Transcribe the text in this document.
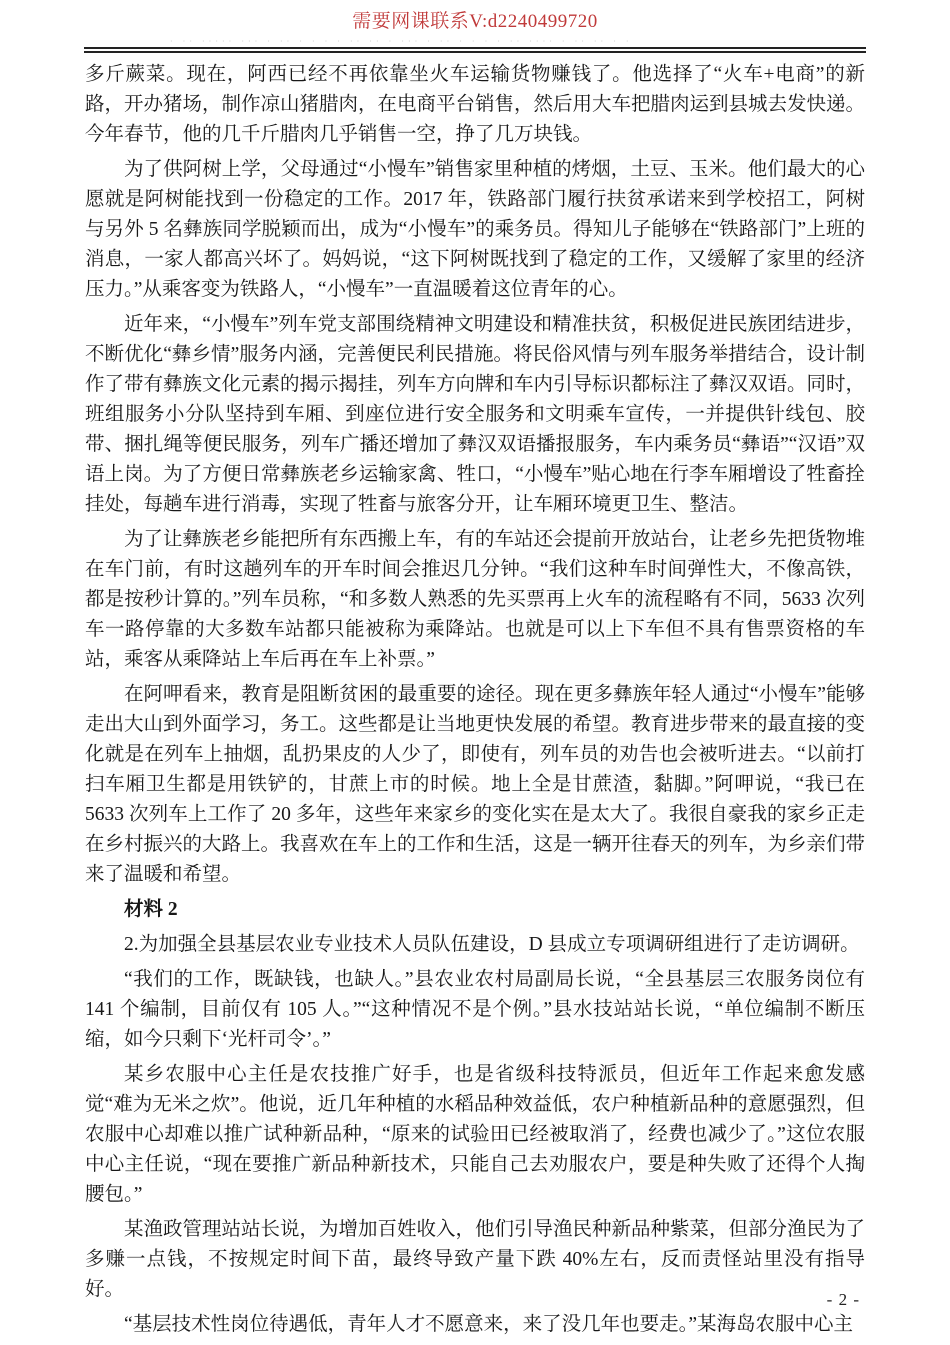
需要网课联系V:d2240499720
· ·· ····· ··· · ·· · · · · ·· ·· · ··· · ·· · · · · ·· ···· · ·· ·· · ·

多斤蕨菜。现在，阿西已经不再依靠坐火车运输货物赚钱了。他选择了“火车+电商”的新路，开办猪场，制作凉山猪腊肉，在电商平台销售，然后用大车把腊肉运到县城去发快递。今年春节，他的几千斤腊肉几乎销售一空，挣了几万块钱。

为了供阿树上学，父母通过“小慢车”销售家里种植的烤烟，土豆、玉米。他们最大的心愿就是阿树能找到一份稳定的工作。2017 年，铁路部门履行扶贫承诺来到学校招工，阿树与另外 5 名彝族同学脱颖而出，成为“小慢车”的乘务员。得知儿子能够在“铁路部门”上班的消息，一家人都高兴坏了。妈妈说，“这下阿树既找到了稳定的工作，又缓解了家里的经济压力。”从乘客变为铁路人，“小慢车”一直温暖着这位青年的心。

近年来，“小慢车”列车党支部围绕精神文明建设和精准扶贫，积极促进民族团结进步，不断优化“彝乡情”服务内涵，完善便民利民措施。将民俗风情与列车服务举措结合，设计制作了带有彝族文化元素的揭示揭挂，列车方向牌和车内引导标识都标注了彝汉双语。同时，班组服务小分队坚持到车厢、到座位进行安全服务和文明乘车宣传，一并提供针线包、胶带、捆扎绳等便民服务，列车广播还增加了彝汉双语播报服务，车内乘务员“彝语”“汉语”双语上岗。为了方便日常彝族老乡运输家禽、牲口，“小慢车”贴心地在行李车厢增设了牲畜拴挂处，每趟车进行消毒，实现了牲畜与旅客分开，让车厢环境更卫生、整洁。

为了让彝族老乡能把所有东西搬上车，有的车站还会提前开放站台，让老乡先把货物堆在车门前，有时这趟列车的开车时间会推迟几分钟。“我们这种车时间弹性大，不像高铁，都是按秒计算的。”列车员称，“和多数人熟悉的先买票再上火车的流程略有不同，5633 次列车一路停靠的大多数车站都只能被称为乘降站。也就是可以上下车但不具有售票资格的车站，乘客从乘降站上车后再在车上补票。”

在阿呷看来，教育是阻断贫困的最重要的途径。现在更多彝族年轻人通过“小慢车”能够走出大山到外面学习，务工。这些都是让当地更快发展的希望。教育进步带来的最直接的变化就是在列车上抽烟，乱扔果皮的人少了，即使有，列车员的劝告也会被听进去。“以前打扫车厢卫生都是用铁铲的，甘蔗上市的时候。地上全是甘蔗渣，黏脚。”阿呷说，“我已在 5633 次列车上工作了 20 多年，这些年来家乡的变化实在是太大了。我很自豪我的家乡正走在乡村振兴的大路上。我喜欢在车上的工作和生活，这是一辆开往春天的列车，为乡亲们带来了温暖和希望。

材料 2

2.为加强全县基层农业专业技术人员队伍建设，D 县成立专项调研组进行了走访调研。

“我们的工作，既缺钱，也缺人。”县农业农村局副局长说，“全县基层三农服务岗位有 141 个编制，目前仅有 105 人。”“这种情况不是个例。”县水技站站长说，“单位编制不断压缩，如今只剩下‘光杆司令’。”

某乡农服中心主任是农技推广好手，也是省级科技特派员，但近年工作起来愈发感觉“难为无米之炊”。他说，近几年种植的水稻品种效益低，农户种植新品种的意愿强烈，但农服中心却难以推广试种新品种，“原来的试验田已经被取消了，经费也减少了。”这位农服中心主任说，“现在要推广新品种新技术，只能自己去劝服农户，要是种失败了还得个人掏腰包。”

某渔政管理站站长说，为增加百姓收入，他们引导渔民种新品种紫菜，但部分渔民为了多赚一点钱，不按规定时间下苗，最终导致产量下跌 40%左右，反而责怪站里没有指导好。

“基层技术性岗位待遇低，青年人才不愿意来，来了没几年也要走。”某海岛农服中心主

- 2 -
